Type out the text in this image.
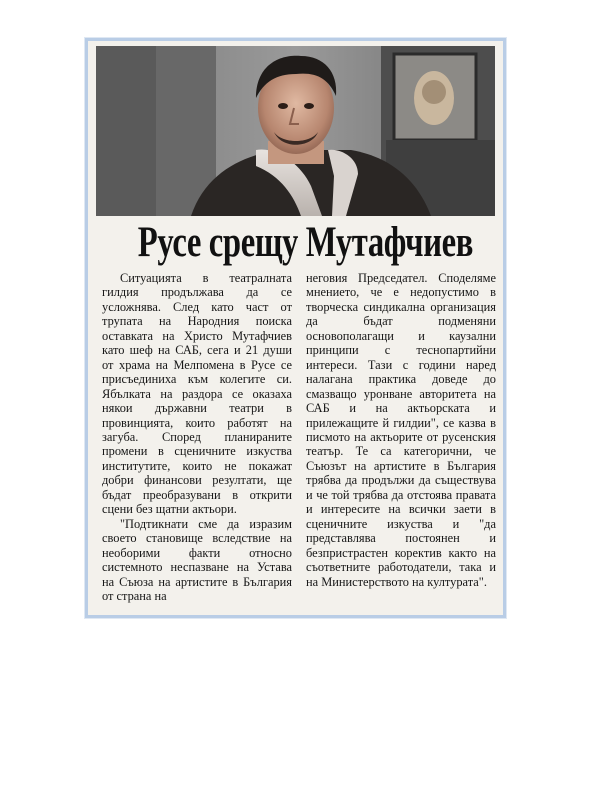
Русе срещу Мутафчиев

Ситуацията в театралната гилдия продължава да се усложнява. След като част от трупата на Народния поиска оставката на Христо Мутафчиев като шеф на САБ, сега и 21 души от храма на Мелпомена в Русе се присъединиха към колегите си. Ябълката на раздора се оказаха някои държавни театри в провинцията, които работят на загуба. Според планираните промени в сценичните изкуства институтите, които не покажат добри финансови резултати, ще бъдат преобразувани в открити сцени без щатни актьори.

"Подтикнати сме да изразим своето становище вследствие на необорими факти относно системното неспазване на Устава на Съюза на артистите в България от страна на

неговия Председател. Споделяме мнението, че е недопустимо в творческа синдикална организация да бъдат подменяни основополагащи и каузални принципи с теснопартийни интереси. Тази с години наред налагана практика доведе до смазващо уронване авторитета на САБ и на актьорската и прилежащите й гилдии", се казва в писмото на актьорите от русенския театър. Те са категорични, че Съюзът на артистите в България трябва да продължи да съществува и че той трябва да отстоява правата и интересите на всички заети в сценичните изкуства и "да представлява постоянен и безпристрастен коректив както на съответните работодатели, така и на Министерството на културата".
